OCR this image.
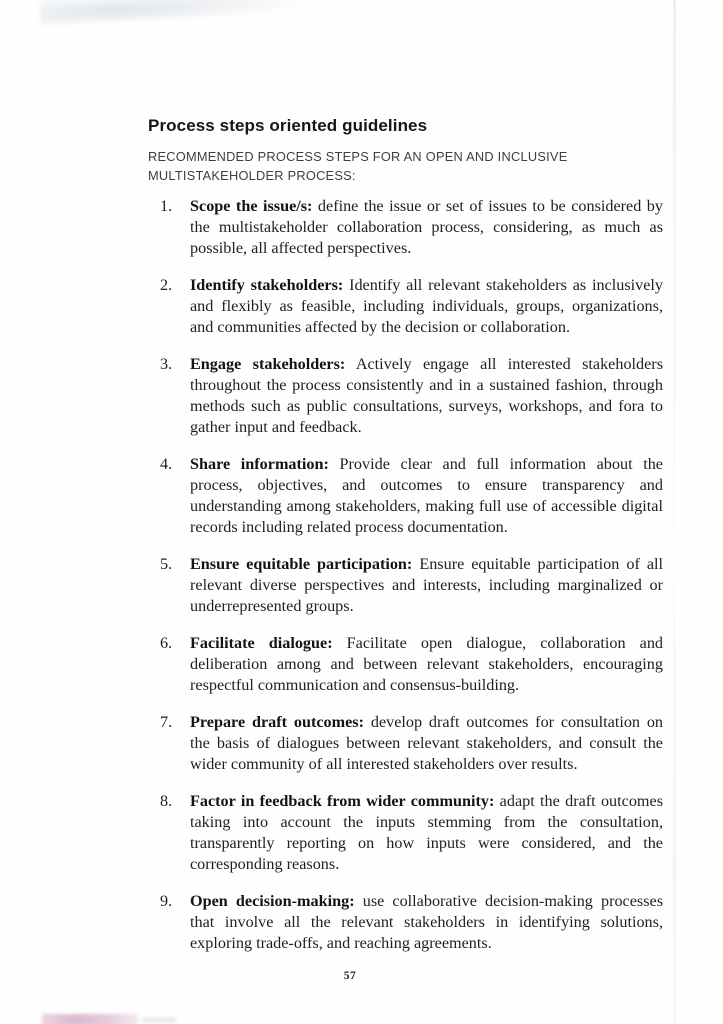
Process steps oriented guidelines
RECOMMENDED PROCESS STEPS FOR AN OPEN AND INCLUSIVE
MULTISTAKEHOLDER PROCESS:
1.	Scope the issue/s: define the issue or set of issues to be considered by the multistakeholder collaboration process, considering, as much as possible, all affected perspectives.
2.	Identify stakeholders: Identify all relevant stakeholders as inclusively and flexibly as feasible, including individuals, groups, organizations, and communities affected by the decision or collaboration.
3.	Engage stakeholders: Actively engage all interested stakeholders throughout the process consistently and in a sustained fashion, through methods such as public consultations, surveys, workshops, and fora to gather input and feedback.
4.	Share information: Provide clear and full information about the process, objectives, and outcomes to ensure transparency and understanding among stakeholders, making full use of accessible digital records including related process documentation.
5.	Ensure equitable participation: Ensure equitable participation of all relevant diverse perspectives and interests, including marginalized or underrepresented groups.
6.	Facilitate dialogue: Facilitate open dialogue, collaboration and deliberation among and between relevant stakeholders, encouraging respectful communication and consensus-building.
7.	Prepare draft outcomes: develop draft outcomes for consultation on the basis of dialogues between relevant stakeholders, and consult the wider community of all interested stakeholders over results.
8.	Factor in feedback from wider community: adapt the draft outcomes taking into account the inputs stemming from the consultation, transparently reporting on how inputs were considered, and the corresponding reasons.
9.	Open decision-making: use collaborative decision-making processes that involve all the relevant stakeholders in identifying solutions, exploring trade-offs, and reaching agreements.
57
